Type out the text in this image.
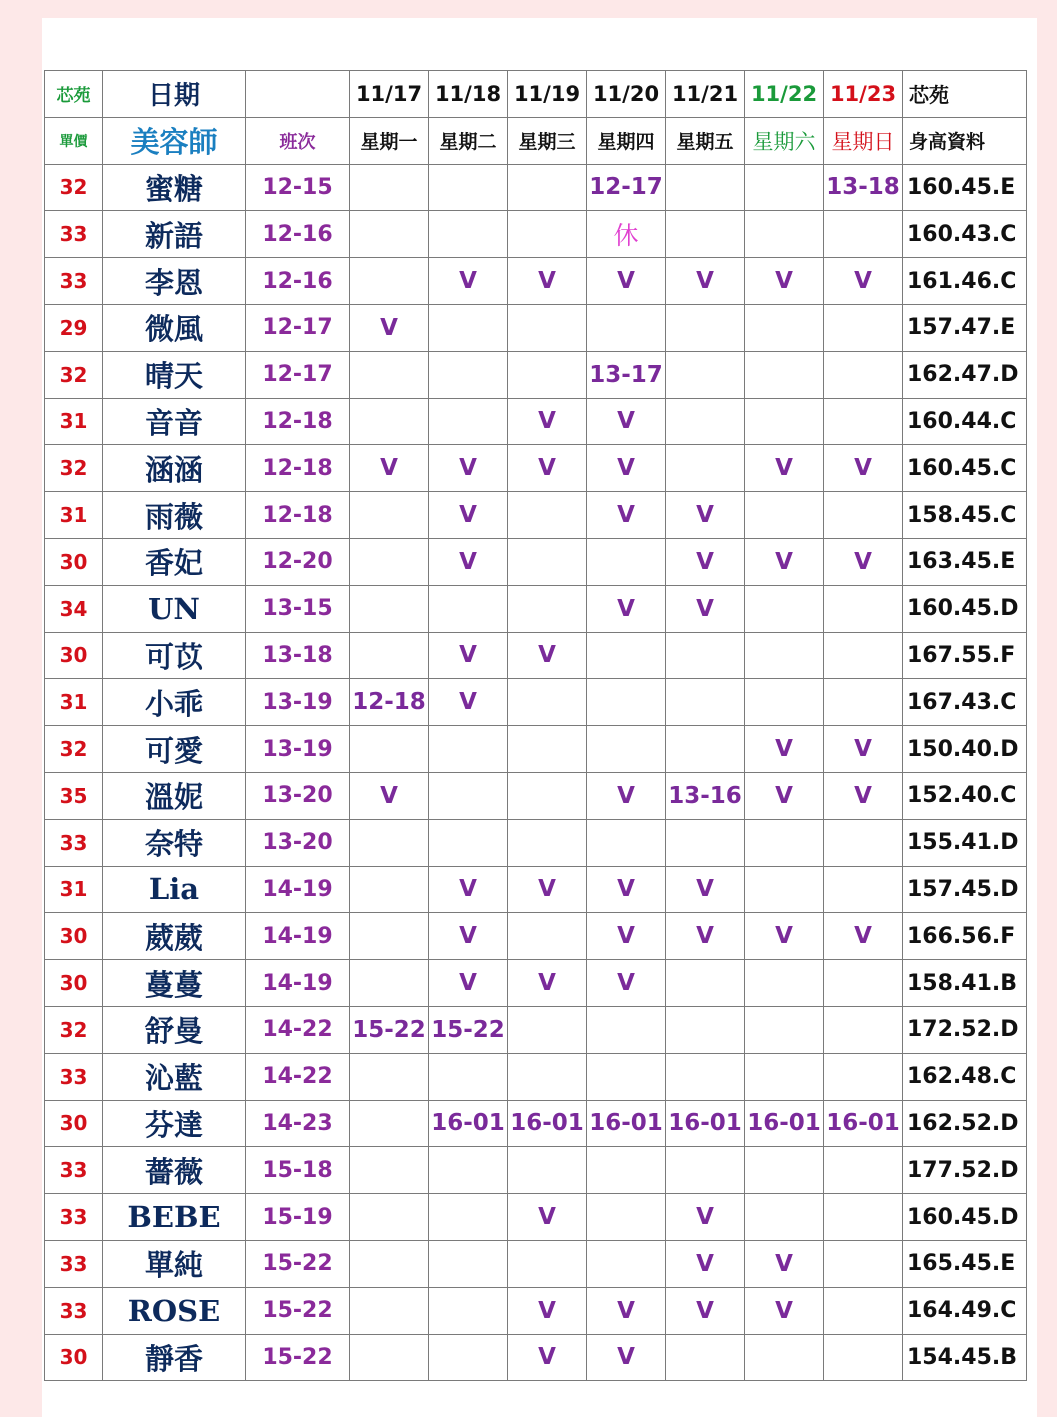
芯苑	日期		11/17	11/18	11/19	11/20	11/21	11/22	11/23	芯苑
單價	美容師	班次	星期一	星期二	星期三	星期四	星期五	星期六	星期日	身高資料
32	蜜糖	12-15				12-17			13-18	160.45.E
33	新語	12-16				休				160.43.C
33	李恩	12-16		V	V	V	V	V	V	161.46.C
29	微風	12-17	V							157.47.E
32	晴天	12-17				13-17				162.47.D
31	音音	12-18			V	V				160.44.C
32	涵涵	12-18	V	V	V	V		V	V	160.45.C
31	雨薇	12-18		V		V	V			158.45.C
30	香妃	12-20		V			V	V	V	163.45.E
34	UN	13-15				V	V			160.45.D
30	可苡	13-18		V	V					167.55.F
31	小乖	13-19	12-18	V						167.43.C
32	可愛	13-19						V	V	150.40.D
35	溫妮	13-20	V			V	13-16	V	V	152.40.C
33	奈特	13-20								155.41.D
31	Lia	14-19		V	V	V	V			157.45.D
30	葳葳	14-19		V		V	V	V	V	166.56.F
30	蔓蔓	14-19		V	V	V				158.41.B
32	舒曼	14-22	15-22	15-22						172.52.D
33	沁藍	14-22								162.48.C
30	芬達	14-23		16-01	16-01	16-01	16-01	16-01	16-01	162.52.D
33	薔薇	15-18								177.52.D
33	BEBE	15-19			V		V			160.45.D
33	單純	15-22					V	V		165.45.E
33	ROSE	15-22			V	V	V	V		164.49.C
30	靜香	15-22			V	V				154.45.B
